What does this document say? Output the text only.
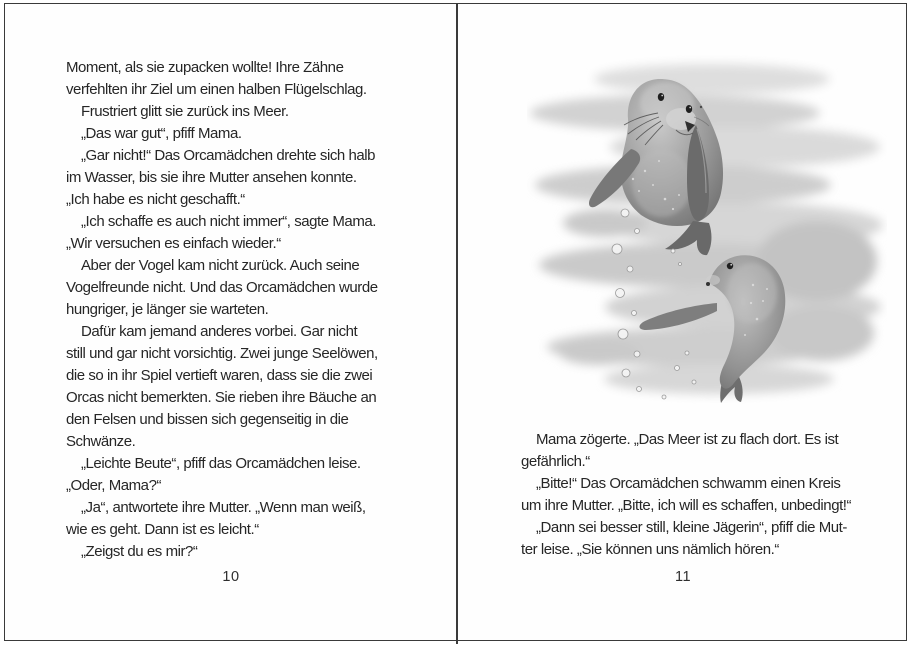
Moment, als sie zupacken wollte! Ihre Zähne

verfehlten ihr Ziel um einen halben Flügelschlag.

Frustriert glitt sie zurück ins Meer.

„Das war gut“, pfiff Mama.

„Gar nicht!“ Das Orcamädchen drehte sich halb

im Wasser, bis sie ihre Mutter ansehen konnte.

„Ich habe es nicht geschafft.“

„Ich schaffe es auch nicht immer“, sagte Mama.

„Wir versuchen es einfach wieder.“

Aber der Vogel kam nicht zurück. Auch seine

Vogelfreunde nicht. Und das Orcamädchen wurde

hungriger, je länger sie warteten.

Dafür kam jemand anderes vorbei. Gar nicht

still und gar nicht vorsichtig. Zwei junge Seelöwen,

die so in ihr Spiel vertieft waren, dass sie die zwei

Orcas nicht bemerkten. Sie rieben ihre Bäuche an

den Felsen und bissen sich gegenseitig in die

Schwänze.

„Leichte Beute“, pfiff das Orcamädchen leise.

„Oder, Mama?“

„Ja“, antwortete ihre Mutter. „Wenn man weiß,

wie es geht. Dann ist es leicht.“

„Zeigst du es mir?“

10

Mama zögerte. „Das Meer ist zu flach dort. Es ist

gefährlich.“

„Bitte!“ Das Orcamädchen schwamm einen Kreis

um ihre Mutter. „Bitte, ich will es schaffen, unbedingt!“

„Dann sei besser still, kleine Jägerin“, pfiff die Mut-

ter leise. „Sie können uns nämlich hören.“

11
